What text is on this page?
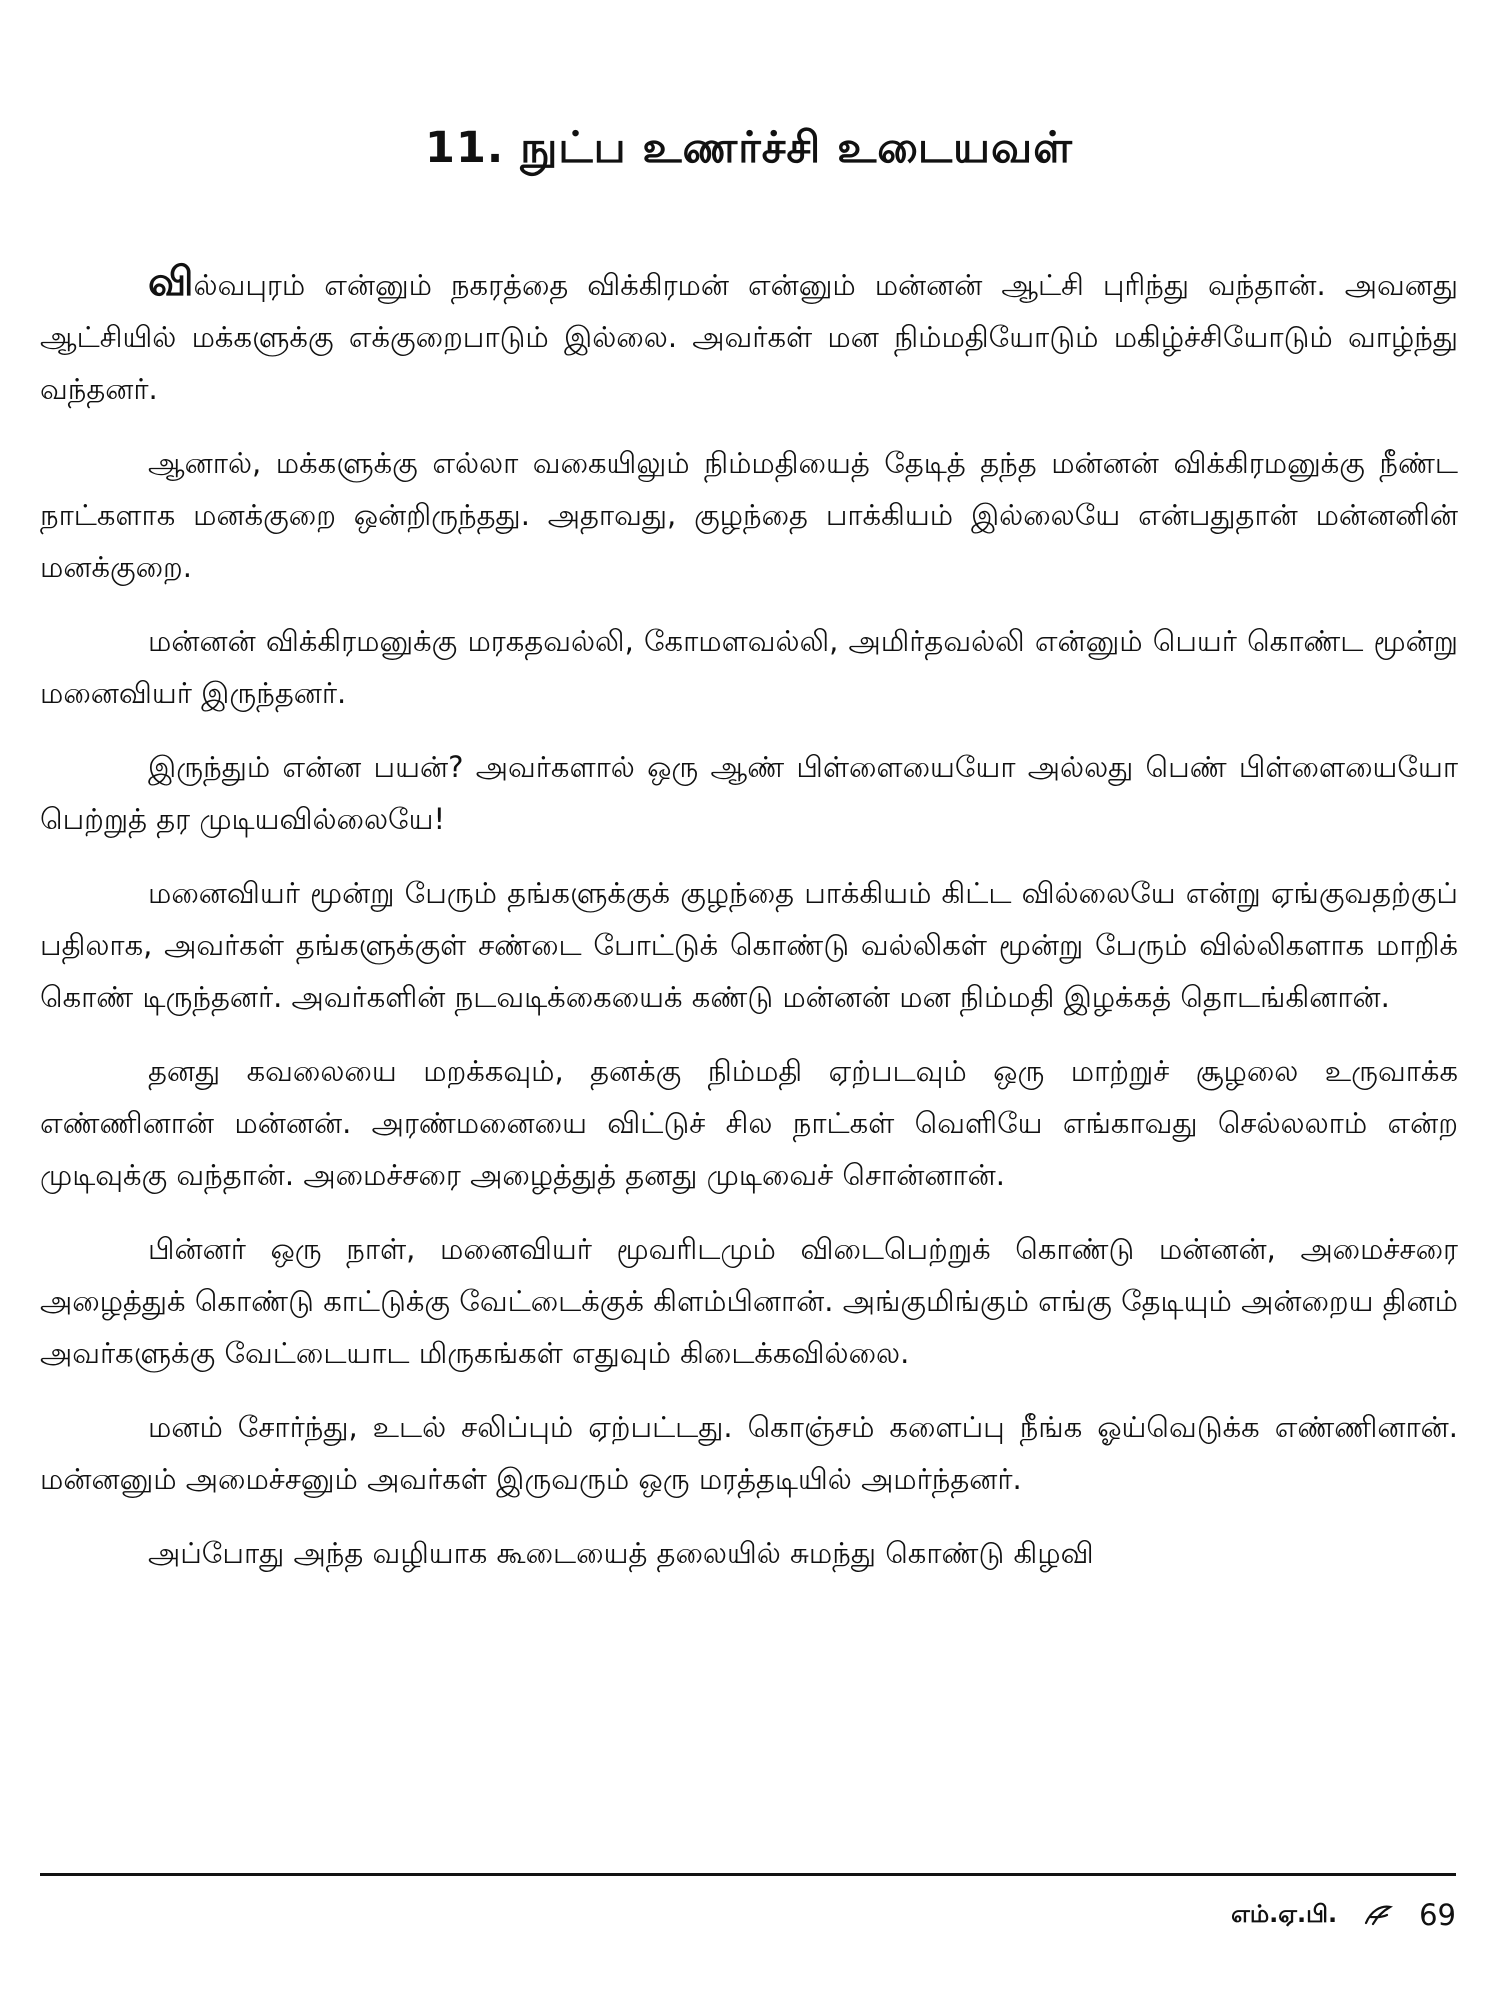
11. நுட்ப உணர்ச்சி உடையவள்

வில்வபுரம் என்னும் நகரத்தை விக்கிரமன் என்னும் மன்னன் ஆட்சி புரிந்து வந்தான். அவனது ஆட்சியில் மக்களுக்கு எக்குறைபாடும் இல்லை. அவர்கள் மன நிம்மதியோடும் மகிழ்ச்சியோடும் வாழ்ந்து வந்தனர்.

ஆனால், மக்களுக்கு எல்லா வகையிலும் நிம்மதியைத் தேடித் தந்த மன்னன் விக்கிரமனுக்கு நீண்ட நாட்களாக மனக்குறை ஒன்றிருந்தது. அதாவது, குழந்தை பாக்கியம் இல்லையே என்பதுதான் மன்னனின் மனக்குறை.

மன்னன் விக்கிரமனுக்கு மரகதவல்லி, கோமளவல்லி, அமிர்தவல்லி என்னும் பெயர் கொண்ட மூன்று மனைவியர் இருந்தனர்.

இருந்தும் என்ன பயன்? அவர்களால் ஒரு ஆண் பிள்ளையையோ அல்லது பெண் பிள்ளையையோ பெற்றுத் தர முடியவில்லையே!

மனைவியர் மூன்று பேரும் தங்களுக்குக் குழந்தை பாக்கியம் கிட்ட வில்லையே என்று ஏங்குவதற்குப் பதிலாக, அவர்கள் தங்களுக்குள் சண்டை போட்டுக் கொண்டு வல்லிகள் மூன்று பேரும் வில்லிகளாக மாறிக் கொண் டிருந்தனர். அவர்களின் நடவடிக்கையைக் கண்டு மன்னன் மன நிம்மதி இழக்கத் தொடங்கினான்.

தனது கவலையை மறக்கவும், தனக்கு நிம்மதி ஏற்படவும் ஒரு மாற்றுச் சூழலை உருவாக்க எண்ணினான் மன்னன். அரண்மனையை விட்டுச் சில நாட்கள் வெளியே எங்காவது செல்லலாம் என்ற முடிவுக்கு வந்தான். அமைச்சரை அழைத்துத் தனது முடிவைச் சொன்னான்.

பின்னர் ஒரு நாள், மனைவியர் மூவரிடமும் விடைபெற்றுக் கொண்டு மன்னன், அமைச்சரை அழைத்துக் கொண்டு காட்டுக்கு வேட்டைக்குக் கிளம்பினான். அங்குமிங்கும் எங்கு தேடியும் அன்றைய தினம் அவர்களுக்கு வேட்டையாட மிருகங்கள் எதுவும் கிடைக்கவில்லை.

மனம் சோர்ந்து, உடல் சலிப்பும் ஏற்பட்டது. கொஞ்சம் களைப்பு நீங்க ஓய்வெடுக்க எண்ணினான். மன்னனும் அமைச்சனும் அவர்கள் இருவரும் ஒரு மரத்தடியில் அமர்ந்தனர்.

அப்போது அந்த வழியாக கூடையைத் தலையில் சுமந்து கொண்டு கிழவி

எம்.ஏ.பி.	69
